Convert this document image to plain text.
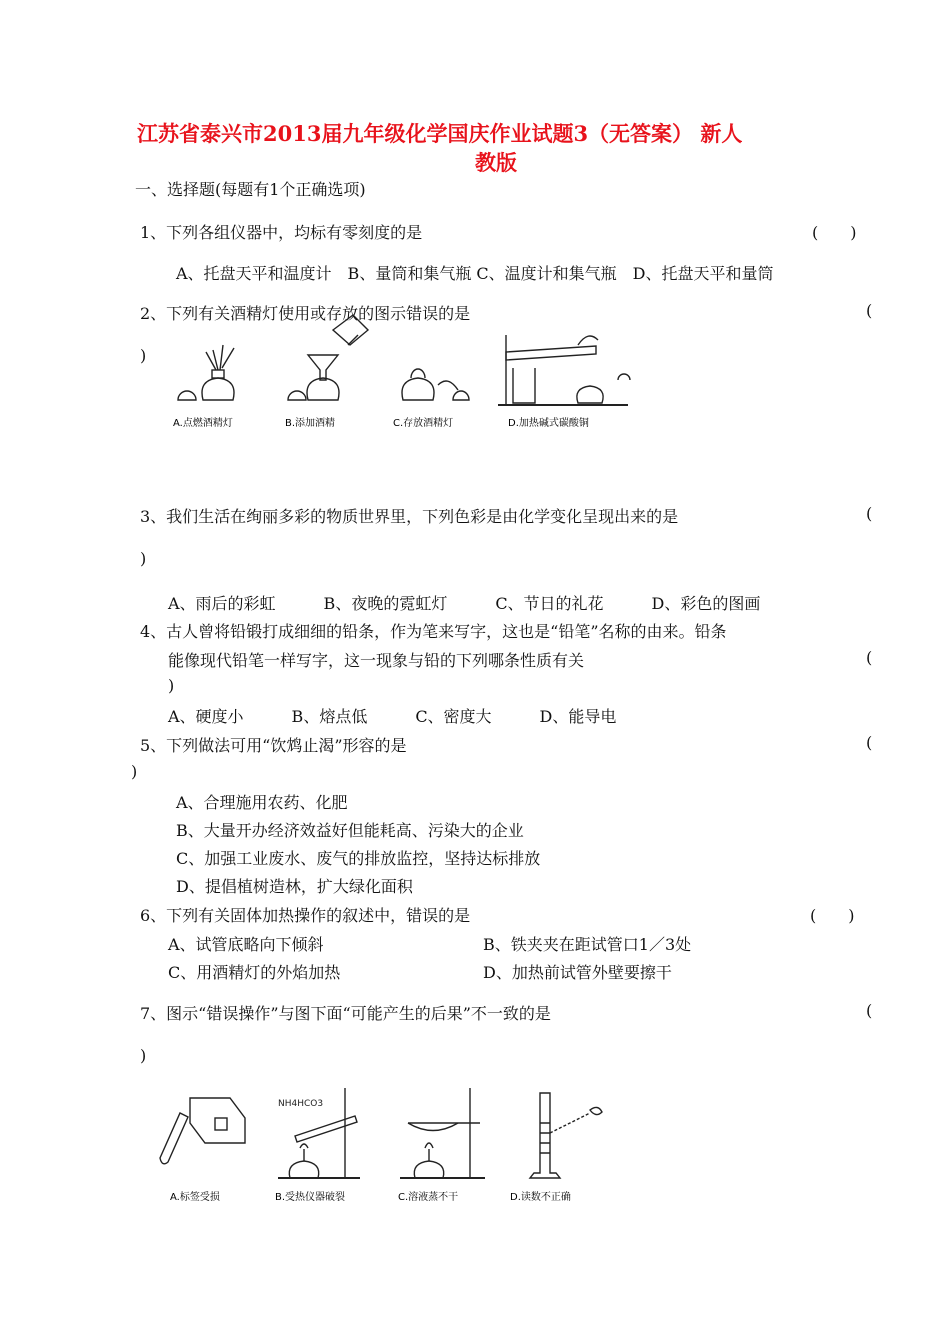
江苏省泰兴市2013届九年级化学国庆作业试题3（无答案） 新人
教版
一、选择题(每题有1个正确选项)
1、下列各组仪器中，均标有零刻度的是	(　　)
A、托盘天平和温度计　B、量筒和集气瓶 C、温度计和集气瓶　D、托盘天平和量筒
2、下列有关酒精灯使用或存放的图示错误的是	(
)
A.点燃酒精灯	B.添加酒精	C.存放酒精灯	D.加热碱式碳酸铜
3、我们生活在绚丽多彩的物质世界里，下列色彩是由化学变化呈现出来的是	(
)
A、雨后的彩虹　　　B、夜晚的霓虹灯　　　C、节日的礼花　　　D、彩色的图画
4、古人曾将铅锻打成细细的铅条，作为笔来写字，这也是“铅笔”名称的由来。铅条
能像现代铅笔一样写字，这一现象与铅的下列哪条性质有关	(
)
A、硬度小　　　B、熔点低　　　C、密度大　　　D、能导电
5、下列做法可用“饮鸩止渴”形容的是	(
)
A、合理施用农药、化肥
B、大量开办经济效益好但能耗高、污染大的企业
C、加强工业废水、废气的排放监控，坚持达标排放
D、提倡植树造林，扩大绿化面积
6、下列有关固体加热操作的叙述中，错误的是	(　　)
A、试管底略向下倾斜	B、铁夹夹在距试管口1／3处
C、用酒精灯的外焰加热	D、加热前试管外壁要擦干
7、图示“错误操作”与图下面“可能产生的后果”不一致的是	(
)
NH4HCO3
A.标签受损	B.受热仪器破裂	C.溶液蒸不干	D.读数不正确
